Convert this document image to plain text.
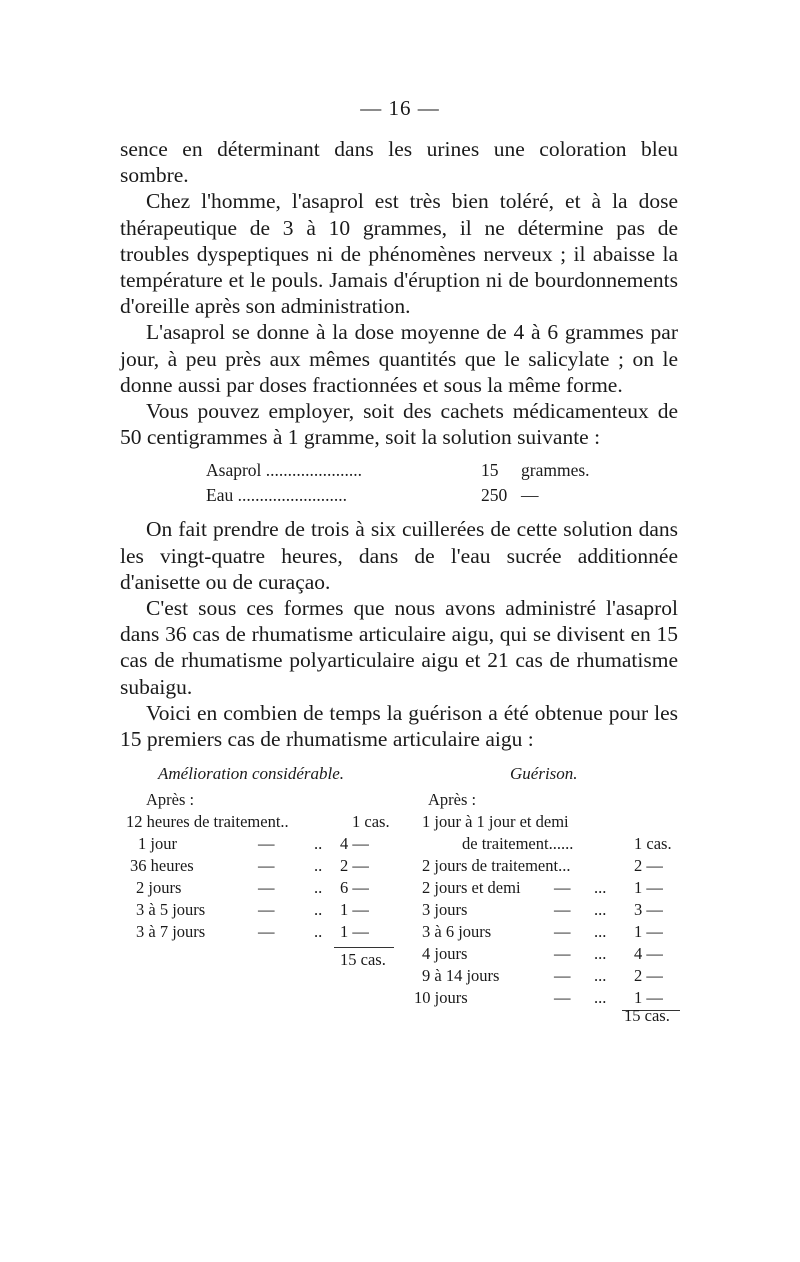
— 16 —

sence en déterminant dans les urines une coloration bleu sombre.

Chez l'homme, l'asaprol est très bien toléré, et à la dose thérapeutique de 3 à 10 grammes, il ne détermine pas de troubles dyspeptiques ni de phénomènes nerveux ; il abaisse la température et le pouls. Jamais d'éruption ni de bourdonnements d'oreille après son administration.

L'asaprol se donne à la dose moyenne de 4 à 6 grammes par jour, à peu près aux mêmes quantités que le salicylate ; on le donne aussi par doses fractionnées et sous la même forme.

Vous pouvez employer, soit des cachets médicamenteux de 50 centigrammes à 1 gramme, soit la solution suivante :

Asaprol ......................	15 grammes.
Eau .........................	250 —

On fait prendre de trois à six cuillerées de cette solution dans les vingt-quatre heures, dans de l'eau sucrée additionnée d'anisette ou de curaçao.

C'est sous ces formes que nous avons administré l'asaprol dans 36 cas de rhumatisme articulaire aigu, qui se divisent en 15 cas de rhumatisme polyarticulaire aigu et 21 cas de rhumatisme subaigu.

Voici en combien de temps la guérison a été obtenue pour les 15 premiers cas de rhumatisme articulaire aigu :

Amélioration considérable.
Après :
12 heures de traitement..	1 cas.
1 jour	— .. 4 —
36 heures	— .. 2 —
2 jours	— .. 6 —
3 à 5 jours	— .. 1 —
3 à 7 jours	— .. 1 —
15 cas.
Guérison.
Après :
1 jour à 1 jour et demi
de traitement......	1 cas.
2 jours de traitement...	2 —
2 jours et demi — ... 1 —
3 jours	— ... 3 —
3 à 6 jours	— ... 1 —
4 jours	— ... 4 —
9 à 14 jours	— ... 2 —
10 jours	— ... 1 —
15 cas.
